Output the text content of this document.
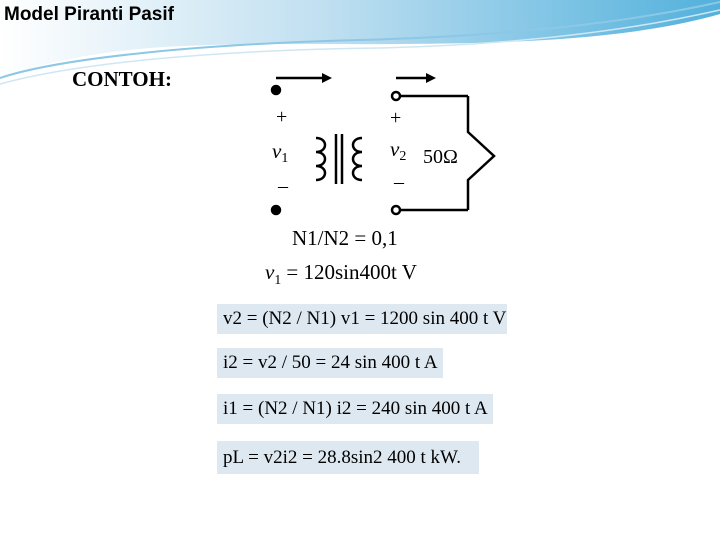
Model Piranti Pasif
CONTOH:
+
v1
–
+
v2
–
50Ω
N1/N2 = 0,1
$v_1 = 120\sin 400t$ V
v2 = (N2 / N1) v1 = 1200 sin 400 t V
i2 = v2 / 50 = 24 sin 400 t A
i1 = (N2 / N1) i2 = 240 sin 400 t A
pL = v2i2 = 28.8sin2 400 t kW.
